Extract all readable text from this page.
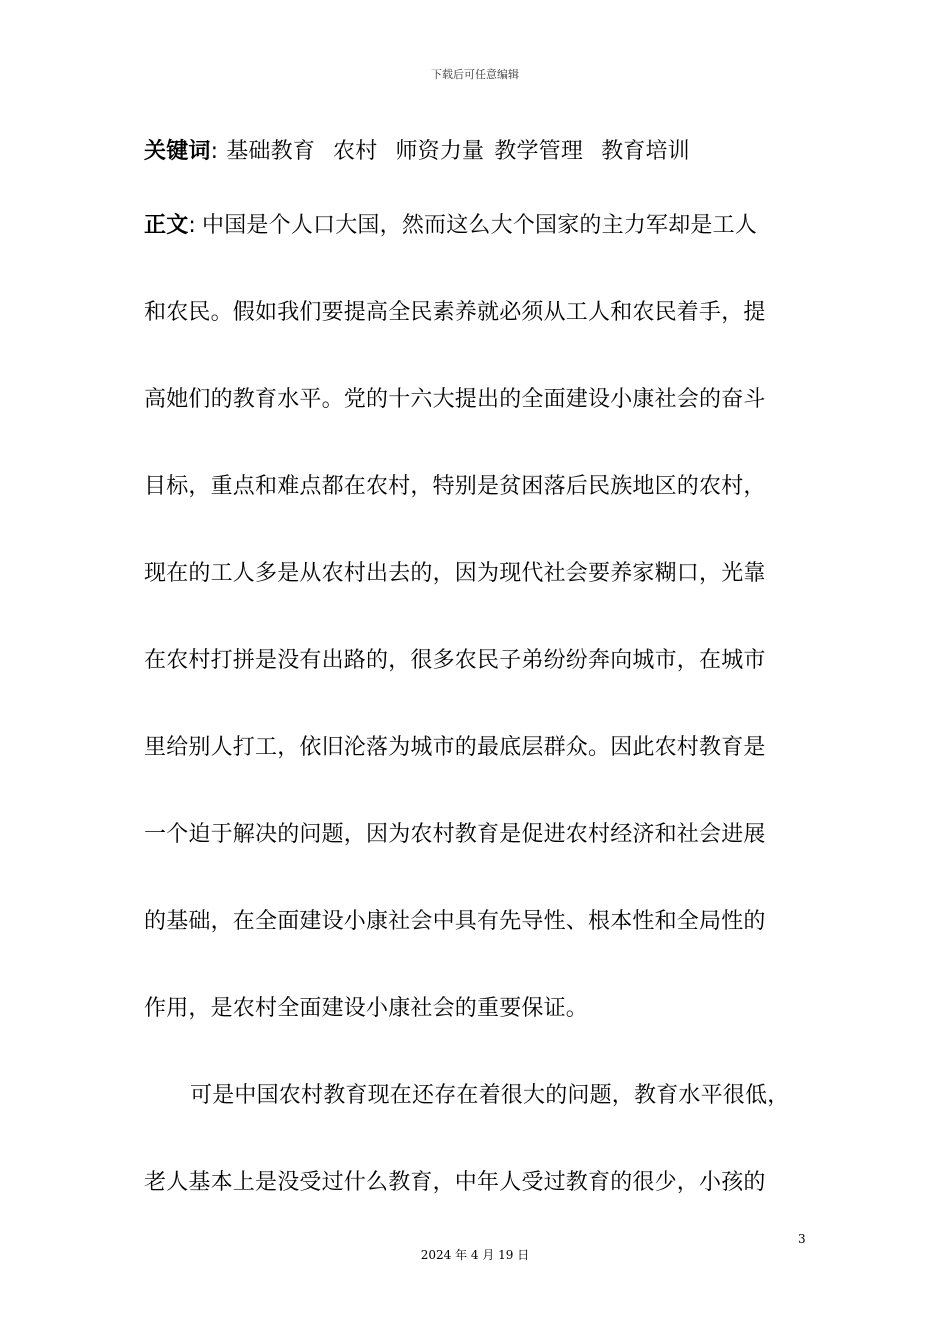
下载后可任意编辑
关键词: 基础教育 农村 师资力量 教学管理 教育培训
正文: 中国是个人口大国，然而这么大个国家的主力军却是工人
和农民。假如我们要提高全民素养就必须从工人和农民着手，提
高她们的教育水平。党的十六大提出的全面建设小康社会的奋斗
目标，重点和难点都在农村，特别是贫困落后民族地区的农村，
现在的工人多是从农村出去的，因为现代社会要养家糊口，光靠
在农村打拼是没有出路的，很多农民子弟纷纷奔向城市，在城市
里给别人打工，依旧沦落为城市的最底层群众。因此农村教育是
一个迫于解决的问题，因为农村教育是促进农村经济和社会进展
的基础，在全面建设小康社会中具有先导性、根本性和全局性的
作用，是农村全面建设小康社会的重要保证。
可是中国农村教育现在还存在着很大的问题，教育水平很低，
老人基本上是没受过什么教育，中年人受过教育的很少，小孩的
3
2024 年 4 月 19 日
